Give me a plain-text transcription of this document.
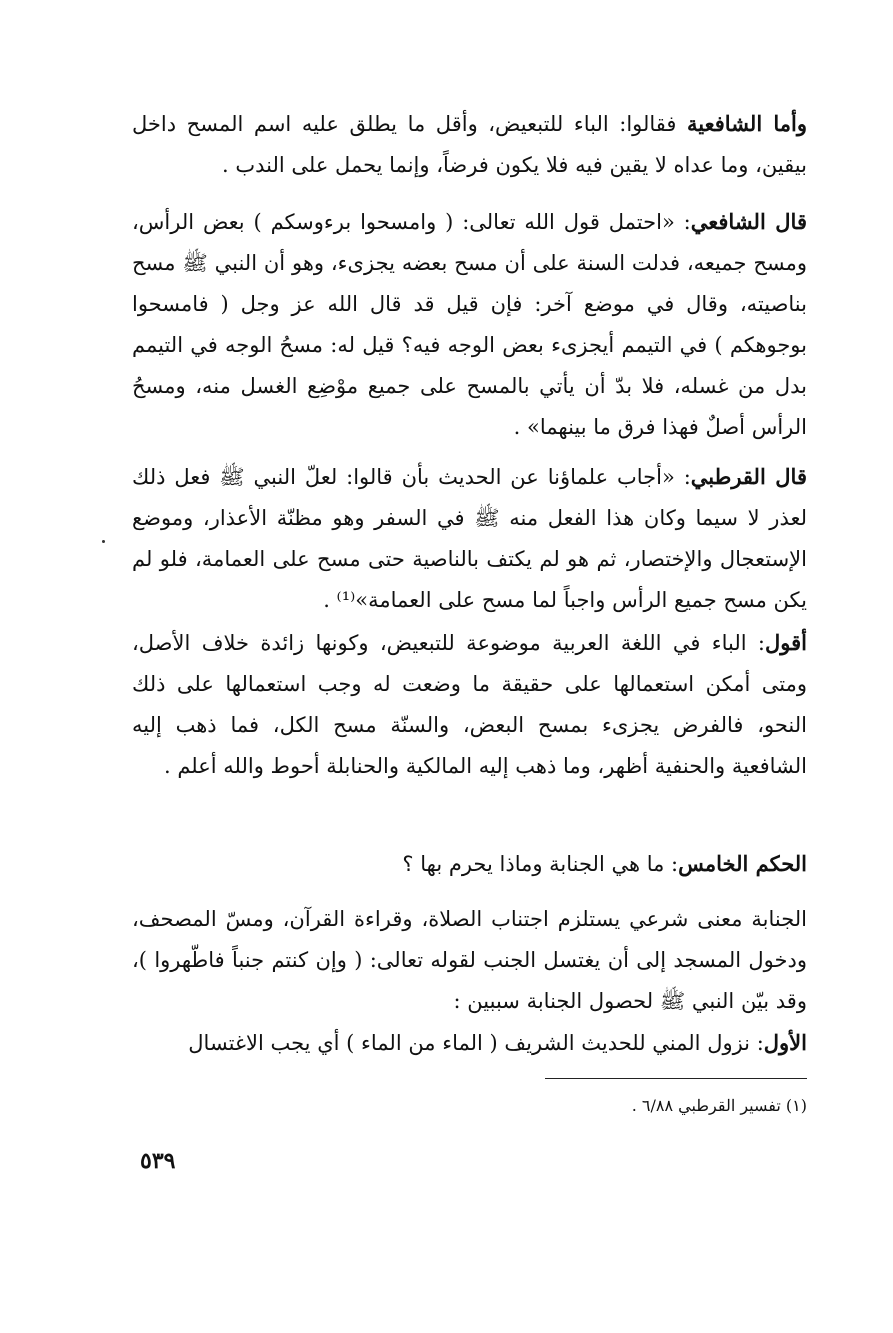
وأما الشافعية فقالوا: الباء للتبعيض، وأقل ما يطلق عليه اسم المسح داخل بيقين، وما عداه لا يقين فيه فلا يكون فرضاً، وإنما يحمل على الندب .

قال الشافعي: «احتمل قول الله تعالى: ( وامسحوا برءوسكم ) بعض الرأس، ومسح جميعه، فدلت السنة على أن مسح بعضه يجزىء، وهو أن النبي ﷺ مسح بناصيته، وقال في موضع آخر: فإن قيل قد قال الله عز وجل ( فامسحوا بوجوهكم ) في التيمم أيجزىء بعض الوجه فيه؟ قيل له: مسحُ الوجه في التيمم بدل من غسله، فلا بدّ أن يأتي بالمسح على جميع موْضِع الغسل منه، ومسحُ الرأس أصلٌ فهذا فرق ما بينهما» .

قال القرطبي: «أجاب علماؤنا عن الحديث بأن قالوا: لعلّ النبي ﷺ فعل ذلك لعذر لا سيما وكان هذا الفعل منه ﷺ في السفر وهو مظنّة الأعذار، وموضع الإستعجال والإختصار، ثم هو لم يكتف بالناصية حتى مسح على العمامة، فلو لم يكن مسح جميع الرأس واجباً لما مسح على العمامة»⁽¹⁾ .

أقول: الباء في اللغة العربية موضوعة للتبعيض، وكونها زائدة خلاف الأصل، ومتى أمكن استعمالها على حقيقة ما وضعت له وجب استعمالها على ذلك النحو، فالفرض يجزىء بمسح البعض، والسنّة مسح الكل، فما ذهب إليه الشافعية والحنفية أظهر، وما ذهب إليه المالكية والحنابلة أحوط والله أعلم .

الحكم الخامس: ما هي الجنابة وماذا يحرم بها ؟

الجنابة معنى شرعي يستلزم اجتناب الصلاة، وقراءة القرآن، ومسّ المصحف، ودخول المسجد إلى أن يغتسل الجنب لقوله تعالى: ( وإن كنتم جنباً فاطّهروا )، وقد بيّن النبي ﷺ لحصول الجنابة سببين :

الأول: نزول المني للحديث الشريف ( الماء من الماء ) أي يجب الاغتسال

(١) تفسير القرطبي ٦/٨٨ .
٥٣٩
